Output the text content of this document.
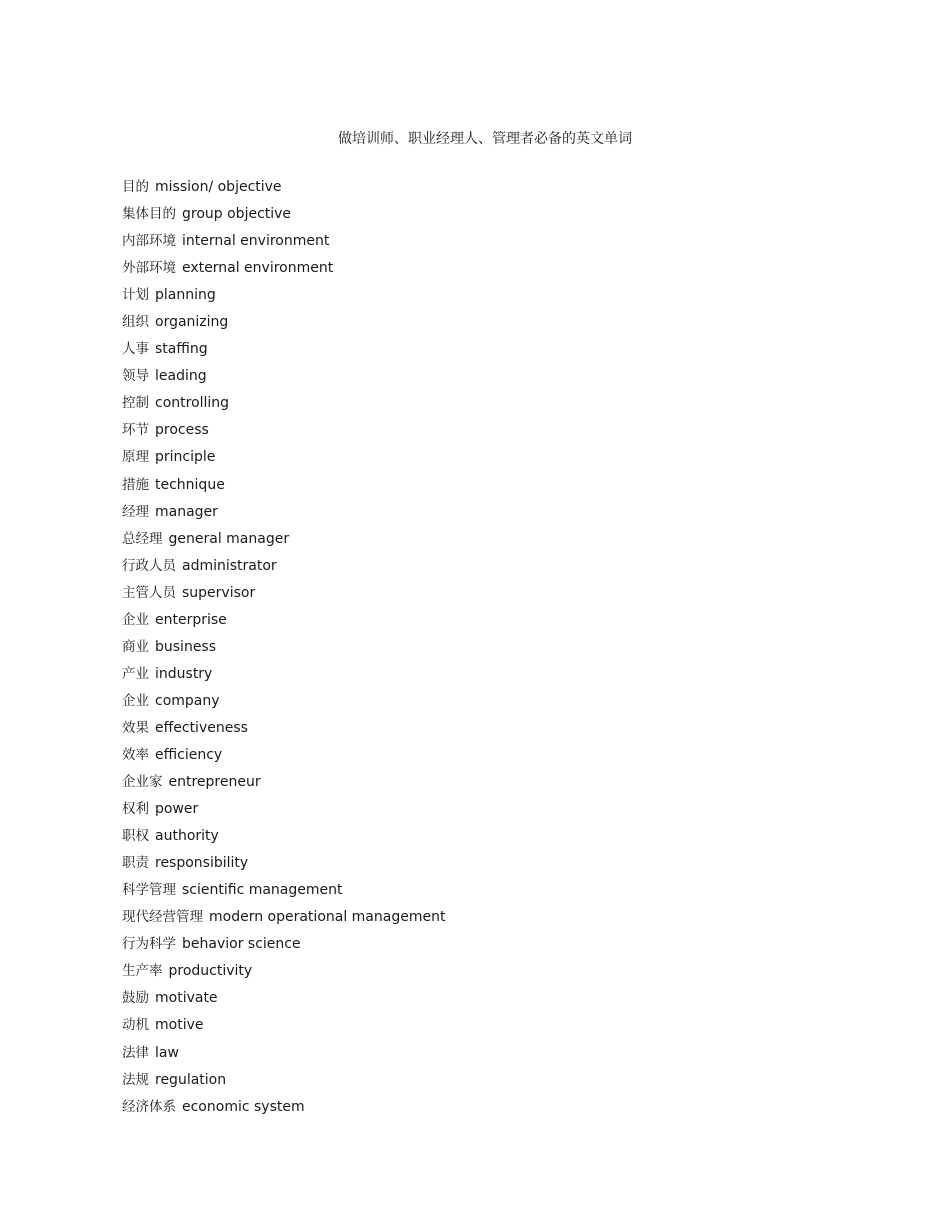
做培训师、职业经理人、管理者必备的英文单词
目的 mission/ objective
集体目的 group objective
内部环境 internal environment
外部环境 external environment
计划 planning
组织 organizing
人事 staffing
领导 leading
控制 controlling
环节 process
原理 principle
措施 technique
经理 manager
总经理 general manager
行政人员 administrator
主管人员 supervisor
企业 enterprise
商业 business
产业 industry
企业 company
效果 effectiveness
效率 efficiency
企业家 entrepreneur
权利 power
职权 authority
职责 responsibility
科学管理 scientific management
现代经营管理 modern operational management
行为科学 behavior science
生产率 productivity
鼓励 motivate
动机 motive
法律 law
法规 regulation
经济体系 economic system
